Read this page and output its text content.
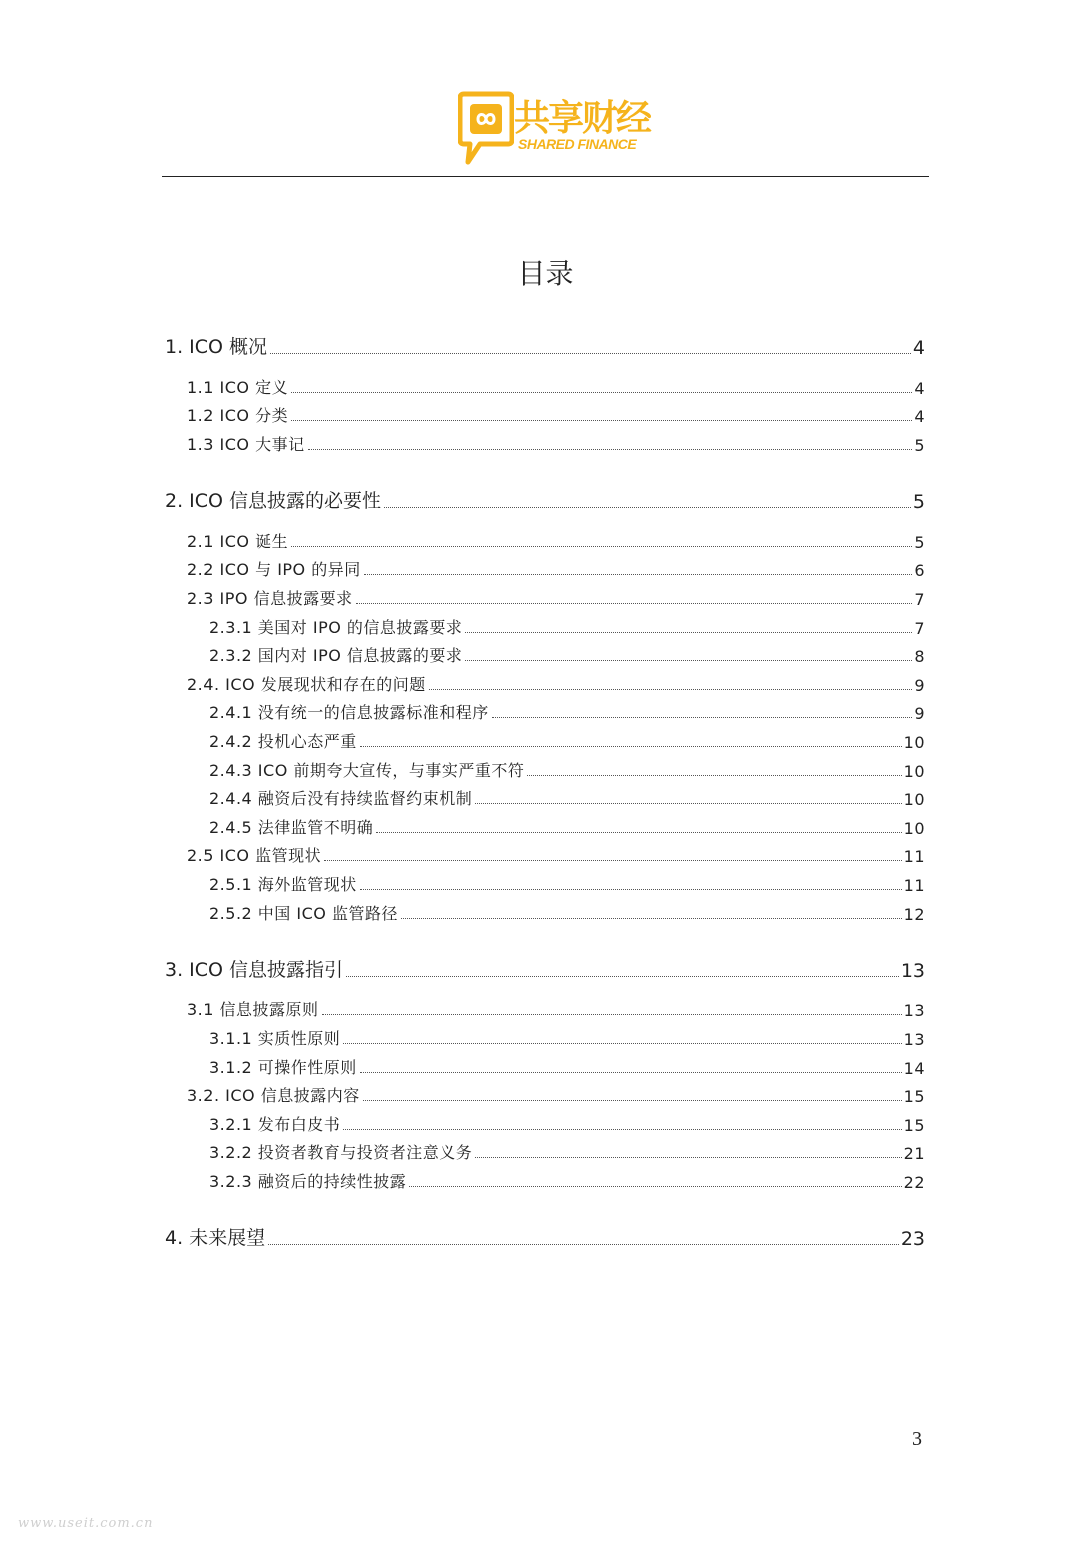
共享财经
SHARED FINANCE
目录
1. ICO 概况	4
1.1 ICO 定义	4
1.2 ICO 分类	4
1.3 ICO 大事记	5
2. ICO 信息披露的必要性	5
2.1 ICO 诞生	5
2.2 ICO 与 IPO 的异同	6
2.3 IPO 信息披露要求	7
2.3.1 美国对 IPO 的信息披露要求	7
2.3.2 国内对 IPO 信息披露的要求	8
2.4. ICO 发展现状和存在的问题	9
2.4.1 没有统一的信息披露标准和程序	9
2.4.2 投机心态严重	10
2.4.3 ICO 前期夸大宣传，与事实严重不符	10
2.4.4 融资后没有持续监督约束机制	10
2.4.5 法律监管不明确	10
2.5 ICO 监管现状	11
2.5.1 海外监管现状	11
2.5.2 中国 ICO 监管路径	12
3. ICO 信息披露指引	13
3.1 信息披露原则	13
3.1.1 实质性原则	13
3.1.2 可操作性原则	14
3.2. ICO 信息披露内容	15
3.2.1 发布白皮书	15
3.2.2 投资者教育与投资者注意义务	21
3.2.3 融资后的持续性披露	22
4. 未来展望	23
3
www.useit.com.cn
